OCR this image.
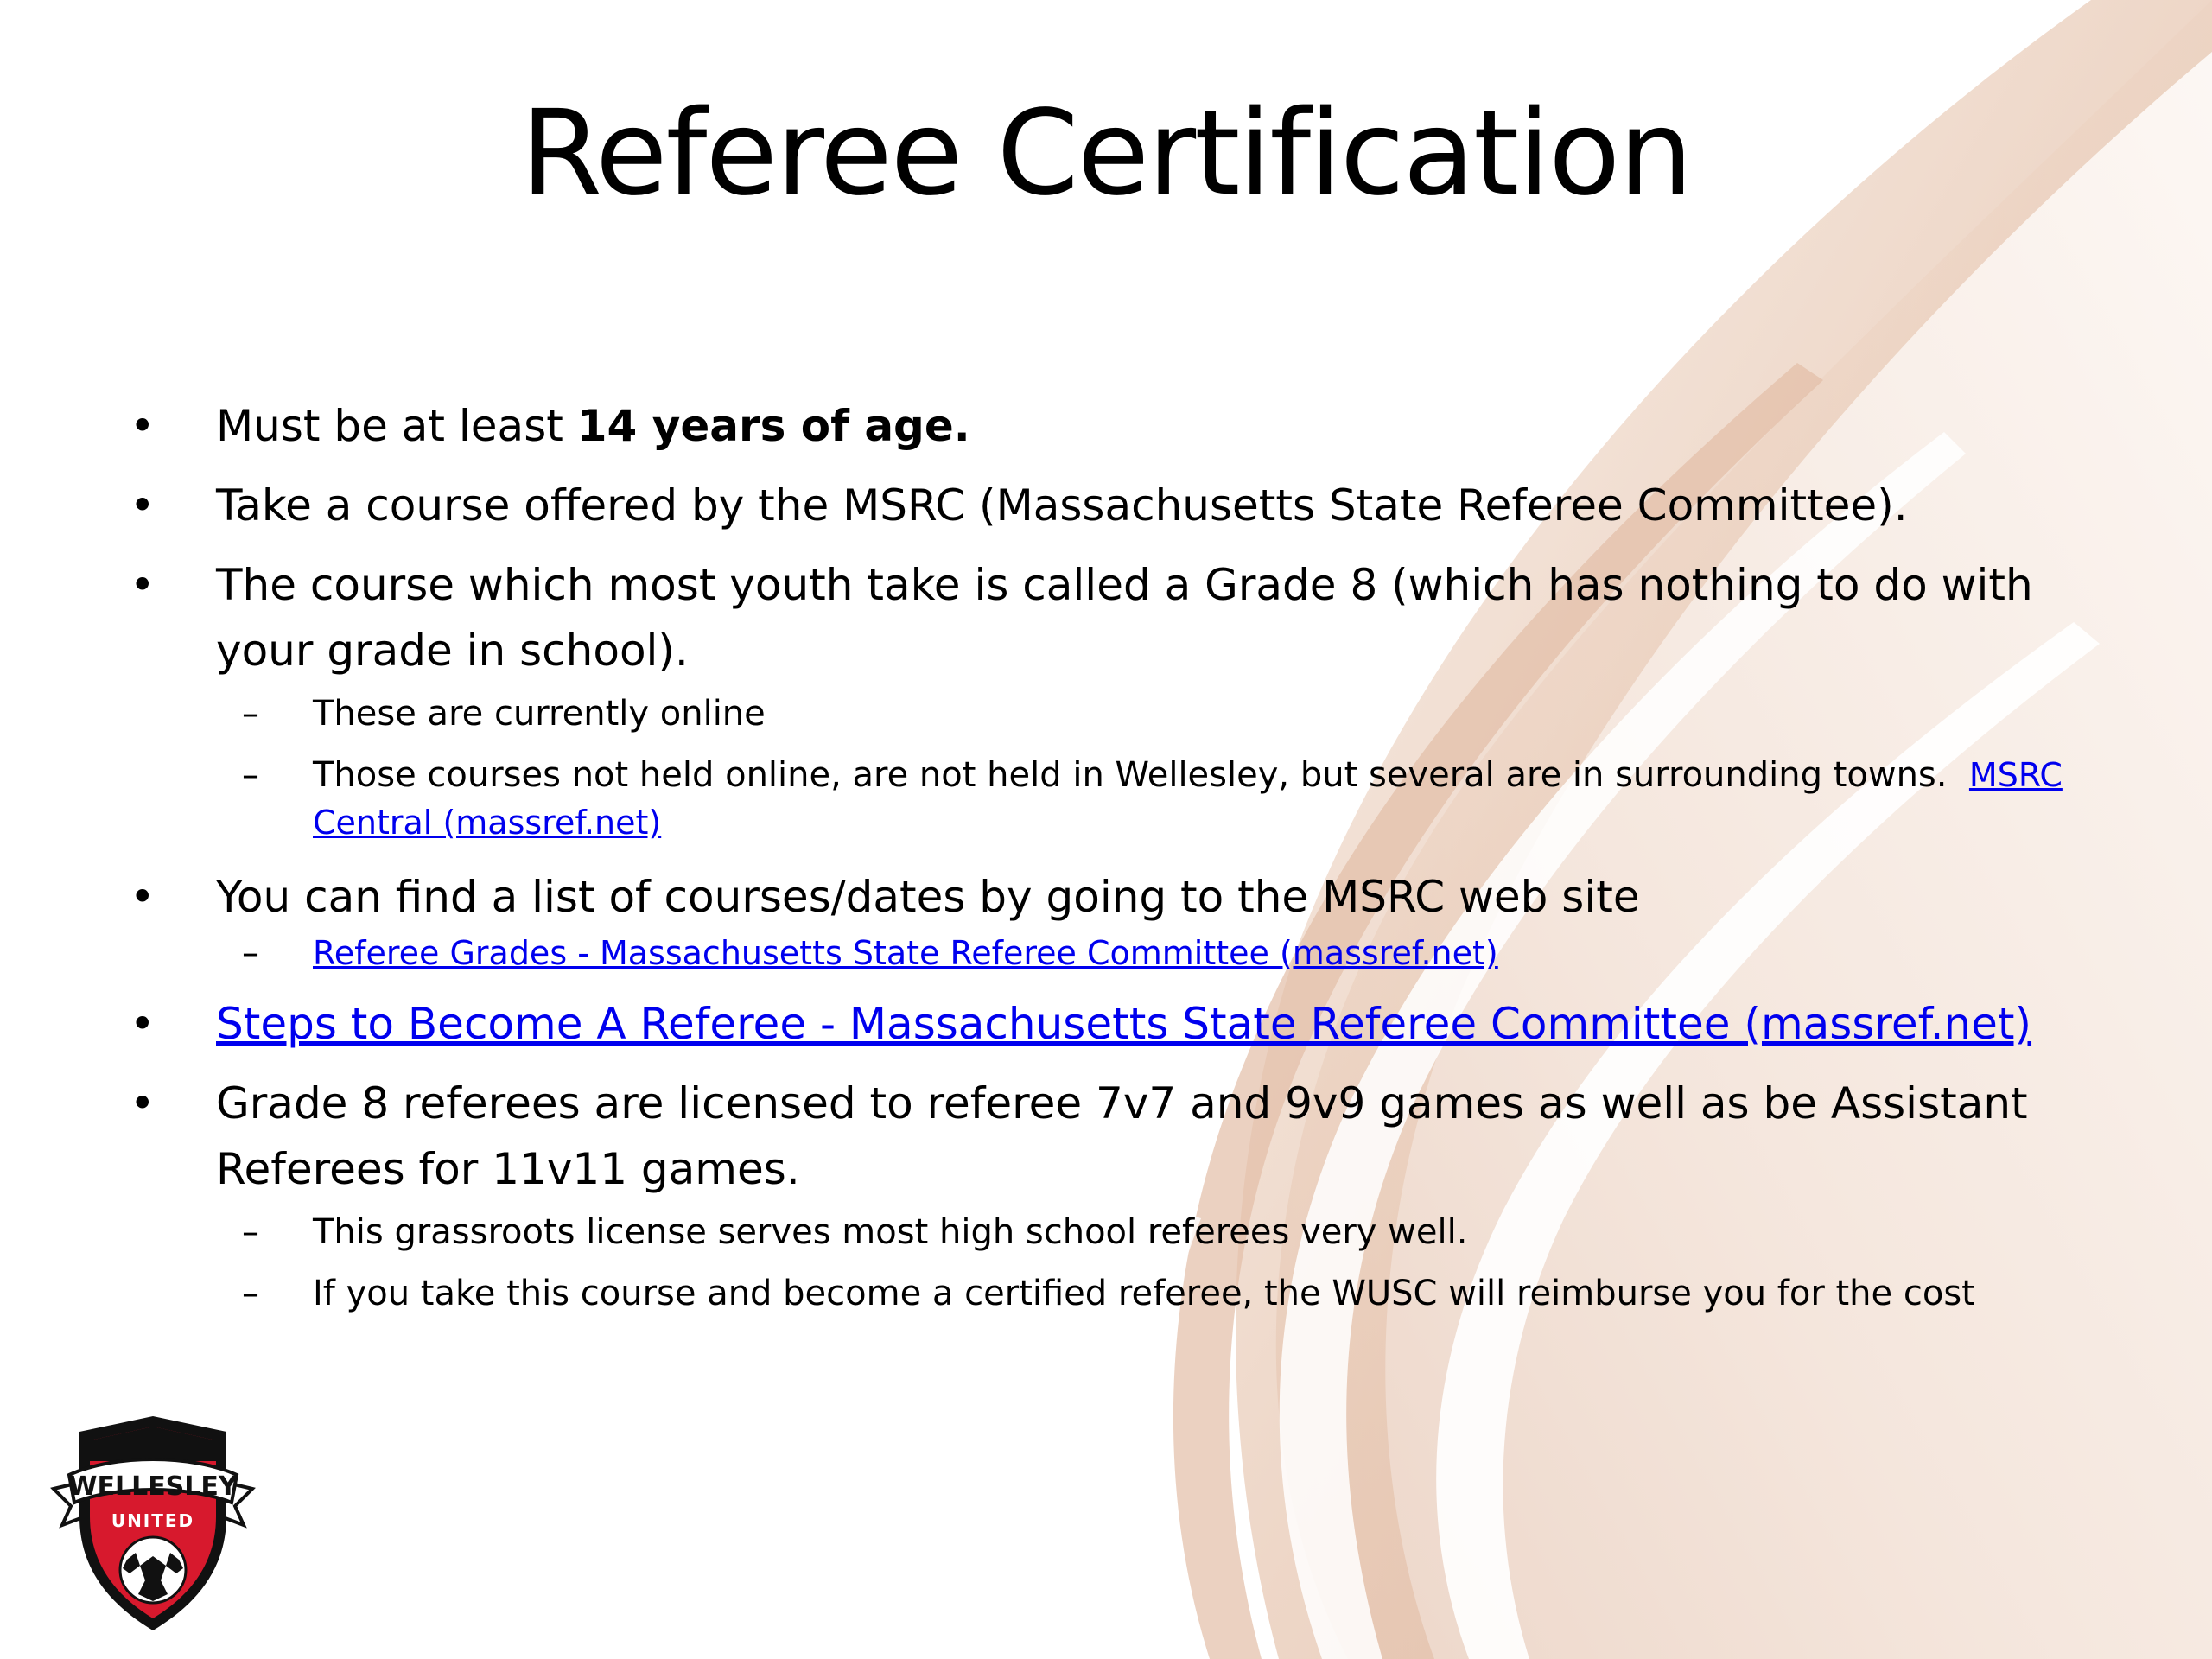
Referee Certification
• Must be at least 14 years of age.
• Take a course offered by the MSRC (Massachusetts State Referee Committee).
• The course which most youth take is called a Grade 8 (which has nothing to do with your grade in school).
– These are currently online
– Those courses not held online, are not held in Wellesley, but several are in surrounding towns. MSRC Central (massref.net)
• You can find a list of courses/dates by going to the MSRC web site
– Referee Grades - Massachusetts State Referee Committee (massref.net)
• Steps to Become A Referee - Massachusetts State Referee Committee (massref.net)
• Grade 8 referees are licensed to referee 7v7 and 9v9 games as well as be Assistant Referees for 11v11 games.
– This grassroots license serves most high school referees very well.
– If you take this course and become a certified referee, the WUSC will reimburse you for the cost
WELLESLEY
UNITED
